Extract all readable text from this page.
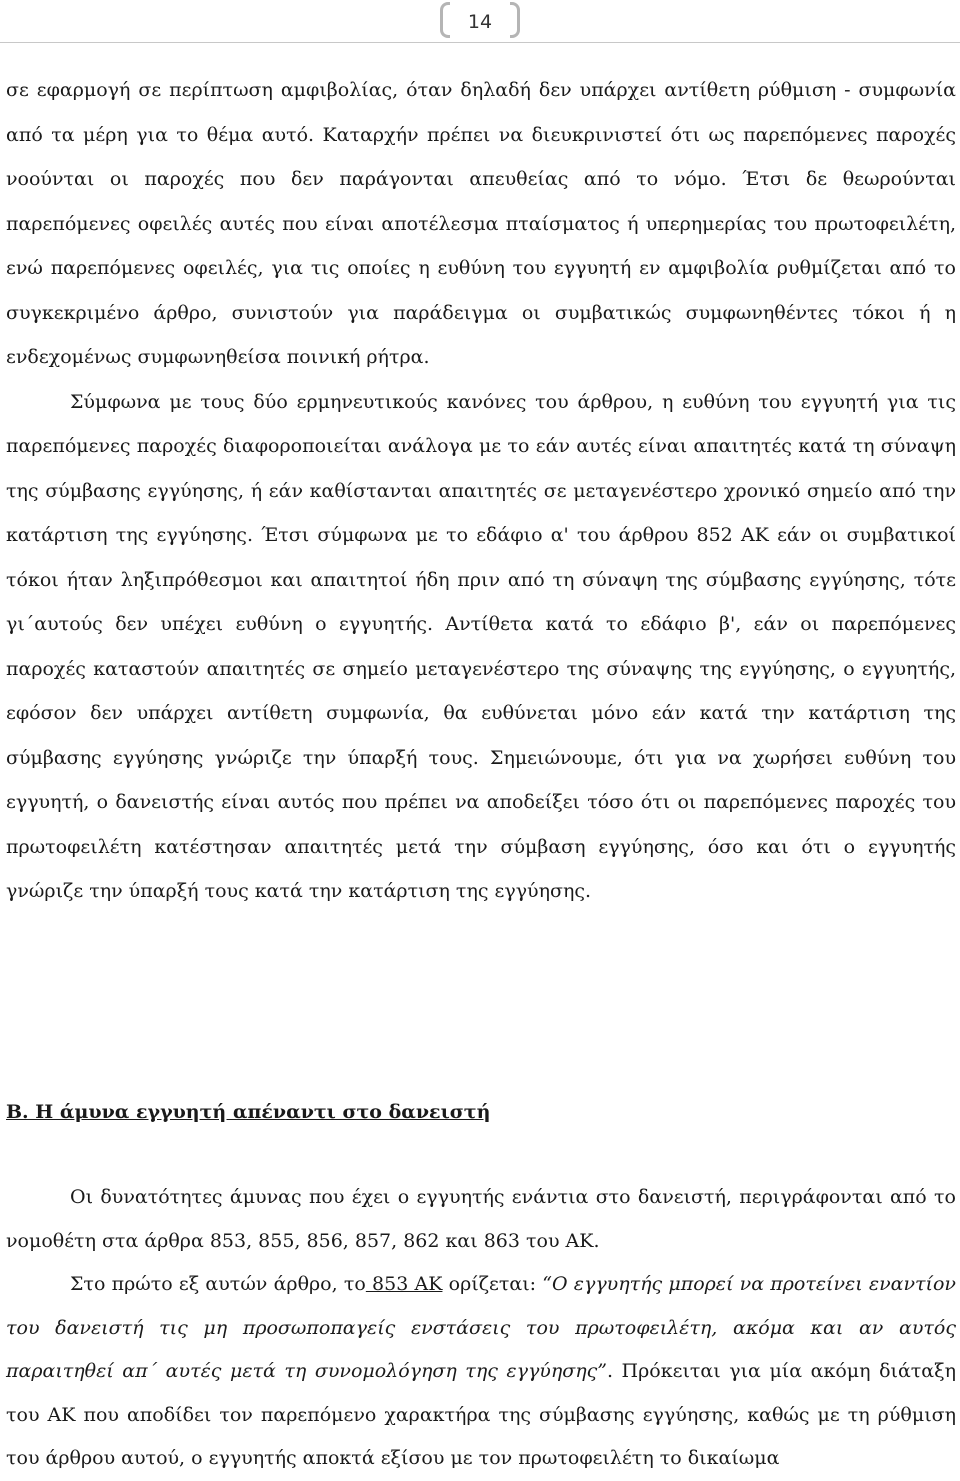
14

σε εφαρμογή σε περίπτωση αμφιβολίας, όταν δηλαδή δεν υπάρχει αντίθετη ρύθμιση - συμφωνία από τα μέρη για το θέμα αυτό. Καταρχήν πρέπει να διευκρινιστεί ότι ως παρεπόμενες παροχές νοούνται οι παροχές που δεν παράγονται απευθείας από το νόμο. Έτσι δε θεωρούνται παρεπόμενες οφειλές αυτές που είναι αποτέλεσμα πταίσματος ή υπερημερίας του πρωτοφειλέτη, ενώ παρεπόμενες οφειλές, για τις οποίες η ευθύνη του εγγυητή εν αμφιβολία ρυθμίζεται από το συγκεκριμένο άρθρο, συνιστούν για παράδειγμα οι συμβατικώς συμφωνηθέντες τόκοι ή η ενδεχομένως συμφωνηθείσα ποινική ρήτρα.

Σύμφωνα με τους δύο ερμηνευτικούς κανόνες του άρθρου, η ευθύνη του εγγυητή για τις παρεπόμενες παροχές διαφοροποιείται ανάλογα με το εάν αυτές είναι απαιτητές κατά τη σύναψη της σύμβασης εγγύησης, ή εάν καθίστανται απαιτητές σε μεταγενέστερο χρονικό σημείο από την κατάρτιση της εγγύησης. Έτσι σύμφωνα με το εδάφιο α' του άρθρου 852 ΑΚ εάν οι συμβατικοί τόκοι ήταν ληξιπρόθεσμοι και απαιτητοί ήδη πριν από τη σύναψη της σύμβασης εγγύησης, τότε γι΄αυτούς δεν υπέχει ευθύνη ο εγγυητής. Αντίθετα κατά το εδάφιο β', εάν οι παρεπόμενες παροχές καταστούν απαιτητές σε σημείο μεταγενέστερο της σύναψης της εγγύησης, ο εγγυητής, εφόσον δεν υπάρχει αντίθετη συμφωνία, θα ευθύνεται μόνο εάν κατά την κατάρτιση της σύμβασης εγγύησης γνώριζε την ύπαρξή τους. Σημειώνουμε, ότι για να χωρήσει ευθύνη του εγγυητή, ο δανειστής είναι αυτός που πρέπει να αποδείξει τόσο ότι οι παρεπόμενες παροχές του πρωτοφειλέτη κατέστησαν απαιτητές μετά την σύμβαση εγγύησης, όσο και ότι ο εγγυητής γνώριζε την ύπαρξή τους κατά την κατάρτιση της εγγύησης.

Β. Η άμυνα εγγυητή απέναντι στο δανειστή

Οι δυνατότητες άμυνας που έχει ο εγγυητής ενάντια στο δανειστή, περιγράφονται από το νομοθέτη στα άρθρα 853, 855, 856, 857, 862 και 863 του ΑΚ.

Στο πρώτο εξ αυτών άρθρο, το 853 ΑΚ ορίζεται: “Ο εγγυητής μπορεί να προτείνει εναντίον του δανειστή τις μη προσωποπαγείς ενστάσεις του πρωτοφειλέτη, ακόμα και αν αυτός παραιτηθεί απ΄ αυτές μετά τη συνομολόγηση της εγγύησης”. Πρόκειται για μία ακόμη διάταξη του ΑΚ που αποδίδει τον παρεπόμενο χαρακτήρα της σύμβασης εγγύησης, καθώς με τη ρύθμιση του άρθρου αυτού, ο εγγυητής αποκτά εξίσου με τον πρωτοφειλέτη το δικαίωμα
